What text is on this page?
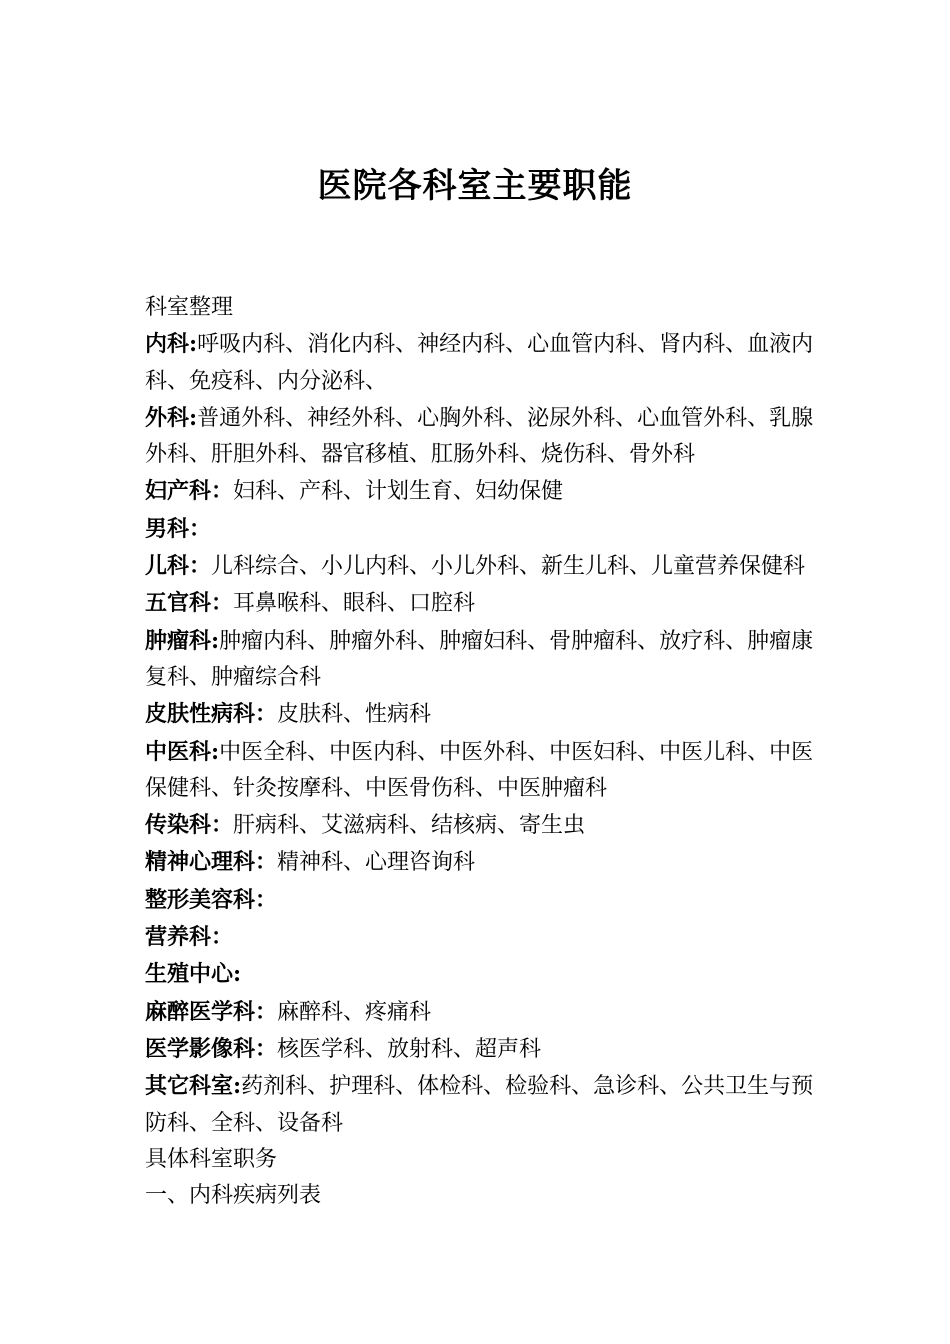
医院各科室主要职能

科室整理

内科:呼吸内科、消化内科、神经内科、心血管内科、肾内科、血液内科、免疫科、内分泌科、

外科:普通外科、神经外科、心胸外科、泌尿外科、心血管外科、乳腺外科、肝胆外科、器官移植、肛肠外科、烧伤科、骨外科

妇产科：妇科、产科、计划生育、妇幼保健

男科：

儿科：儿科综合、小儿内科、小儿外科、新生儿科、儿童营养保健科

五官科：耳鼻喉科、眼科、口腔科

肿瘤科:肿瘤内科、肿瘤外科、肿瘤妇科、骨肿瘤科、放疗科、肿瘤康复科、肿瘤综合科

皮肤性病科：皮肤科、性病科

中医科:中医全科、中医内科、中医外科、中医妇科、中医儿科、中医保健科、针灸按摩科、中医骨伤科、中医肿瘤科

传染科：肝病科、艾滋病科、结核病、寄生虫

精神心理科：精神科、心理咨询科

整形美容科：

营养科：

生殖中心:

麻醉医学科：麻醉科、疼痛科

医学影像科：核医学科、放射科、超声科

其它科室:药剂科、护理科、体检科、检验科、急诊科、公共卫生与预防科、全科、设备科

具体科室职务

一、内科疾病列表
